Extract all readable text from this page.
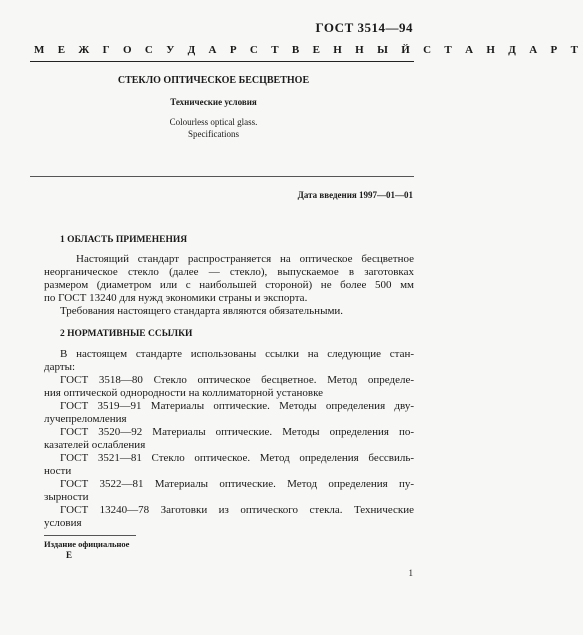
ГОСТ 3514—94
М Е Ж Г О С У Д А Р С Т В Е Н Н Ы Й С Т А Н Д А Р Т
СТЕКЛО ОПТИЧЕСКОЕ БЕСЦВЕТНОЕ
Технические условия
Colourless optical glass.
Specifications
Дата введения 1997—01—01
1 ОБЛАСТЬ ПРИМЕНЕНИЯ
Настоящий стандарт распространяется на оптическое бесцветное
неорганическое стекло (далее — стекло), выпускаемое в заготовках
размером (диаметром или с наибольшей стороной) не более 500 мм
по ГОСТ 13240 для нужд экономики страны и экспорта.
Требования настоящего стандарта являются обязательными.
2 НОРМАТИВНЫЕ ССЫЛКИ
В настоящем стандарте использованы ссылки на следующие стан-
дарты:
ГОСТ 3518—80 Стекло оптическое бесцветное. Метод определе-
ния оптической однородности на коллиматорной установке
ГОСТ 3519—91 Материалы оптические. Методы определения дву-
лучепреломления
ГОСТ 3520—92 Материалы оптические. Методы определения по-
казателей ослабления
ГОСТ 3521—81 Стекло оптическое. Метод определения бессвиль-
ности
ГОСТ 3522—81 Материалы оптические. Метод определения пу-
зырности
ГОСТ 13240—78 Заготовки из оптического стекла. Технические
условия
Издание официальное
Е
1
